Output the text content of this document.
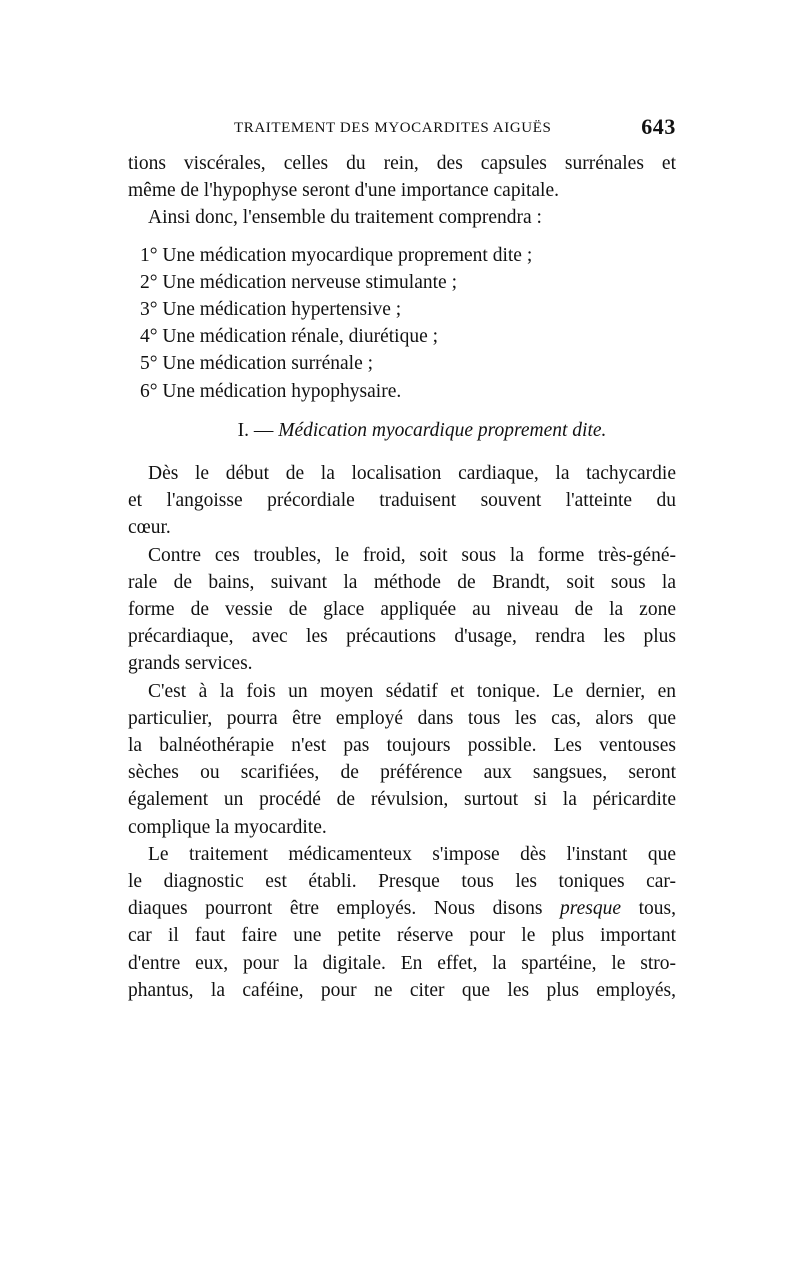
TRAITEMENT DES MYOCARDITES AIGUËS	643
tions viscérales, celles du rein, des capsules surrénales et
même de l'hypophyse seront d'une importance capitale.
Ainsi donc, l'ensemble du traitement comprendra :
1° Une médication myocardique proprement dite ;
2° Une médication nerveuse stimulante ;
3° Une médication hypertensive ;
4° Une médication rénale, diurétique ;
5° Une médication surrénale ;
6° Une médication hypophysaire.
I. — Médication myocardique proprement dite.
Dès le début de la localisation cardiaque, la tachycardie
et l'angoisse précordiale traduisent souvent l'atteinte du
cœur.
Contre ces troubles, le froid, soit sous la forme très-géné-
rale de bains, suivant la méthode de Brandt, soit sous la
forme de vessie de glace appliquée au niveau de la zone
précardiaque, avec les précautions d'usage, rendra les plus
grands services.
C'est à la fois un moyen sédatif et tonique. Le dernier, en
particulier, pourra être employé dans tous les cas, alors que
la balnéothérapie n'est pas toujours possible. Les ventouses
sèches ou scarifiées, de préférence aux sangsues, seront
également un procédé de révulsion, surtout si la péricardite
complique la myocardite.
Le traitement médicamenteux s'impose dès l'instant que
le diagnostic est établi. Presque tous les toniques car-
diaques pourront être employés. Nous disons presque tous,
car il faut faire une petite réserve pour le plus important
d'entre eux, pour la digitale. En effet, la spartéine, le stro-
phantus, la caféine, pour ne citer que les plus employés,
